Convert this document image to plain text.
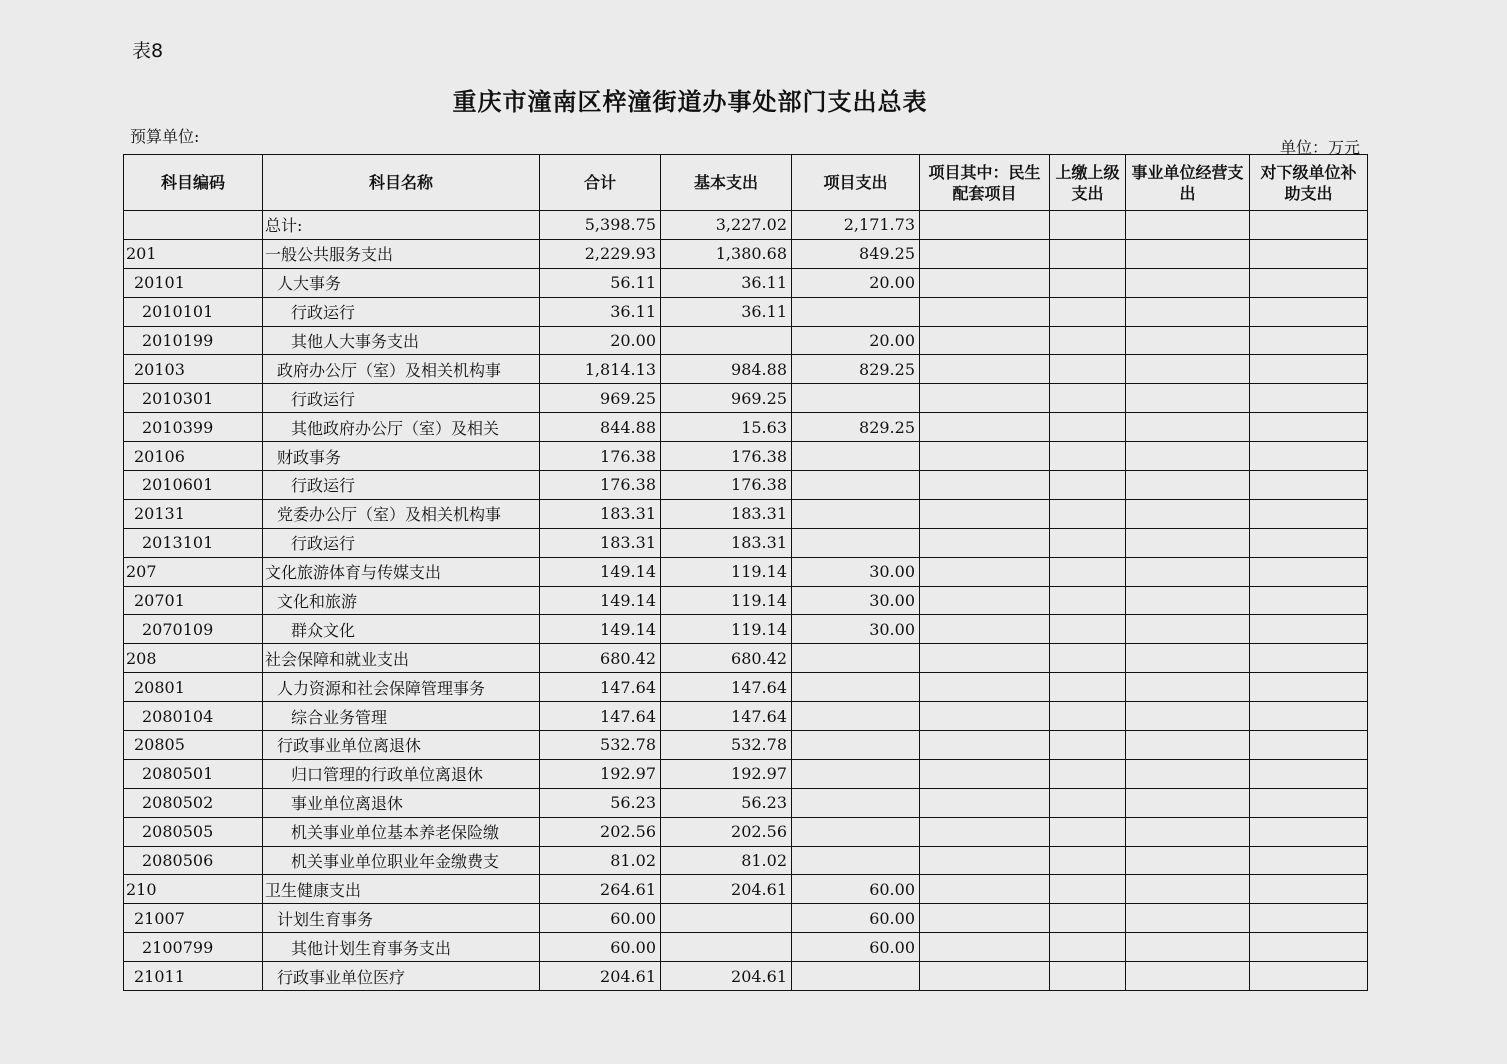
表8
重庆市潼南区梓潼街道办事处部门支出总表
预算单位:
单位：万元
科目编码	科目名称	合计	基本支出	项目支出	项目其中：民生配套项目	上缴上级支出	事业单位经营支出	对下级单位补助支出
	总计:	5,398.75	3,227.02	2,171.73				
201	一般公共服务支出	2,229.93	1,380.68	849.25				
20101	人大事务	56.11	36.11	20.00				
2010101	行政运行	36.11	36.11					
2010199	其他人大事务支出	20.00		20.00				
20103	政府办公厅（室）及相关机构事	1,814.13	984.88	829.25				
2010301	行政运行	969.25	969.25					
2010399	其他政府办公厅（室）及相关	844.88	15.63	829.25				
20106	财政事务	176.38	176.38					
2010601	行政运行	176.38	176.38					
20131	党委办公厅（室）及相关机构事	183.31	183.31					
2013101	行政运行	183.31	183.31					
207	文化旅游体育与传媒支出	149.14	119.14	30.00				
20701	文化和旅游	149.14	119.14	30.00				
2070109	群众文化	149.14	119.14	30.00				
208	社会保障和就业支出	680.42	680.42					
20801	人力资源和社会保障管理事务	147.64	147.64					
2080104	综合业务管理	147.64	147.64					
20805	行政事业单位离退休	532.78	532.78					
2080501	归口管理的行政单位离退休	192.97	192.97					
2080502	事业单位离退休	56.23	56.23					
2080505	机关事业单位基本养老保险缴	202.56	202.56					
2080506	机关事业单位职业年金缴费支	81.02	81.02					
210	卫生健康支出	264.61	204.61	60.00				
21007	计划生育事务	60.00		60.00				
2100799	其他计划生育事务支出	60.00		60.00				
21011	行政事业单位医疗	204.61	204.61					
